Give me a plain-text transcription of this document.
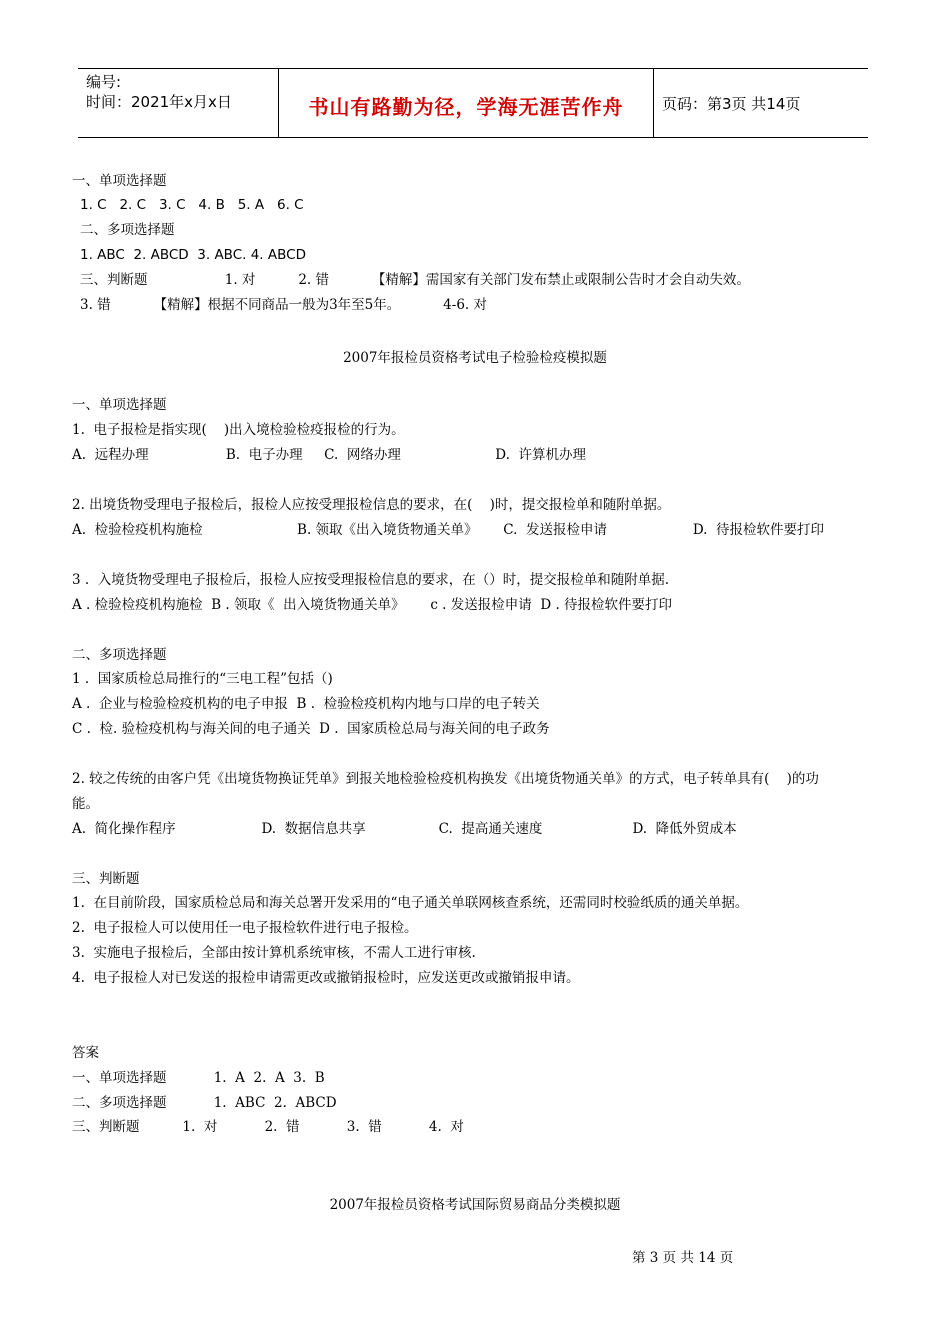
编号:
时间：2021年x月x日	书山有路勤为径，学海无涯苦作舟	页码：第3页 共14页
一、单项选择题
1. C   2. C   3. C   4. B   5. A   6. C
二、多项选择题
1. ABC  2. ABCD  3. ABC. 4. ABCD
三、判断题                  1. 对          2. 错          【精解】需国家有关部门发布禁止或限制公告时才会自动失效。
3. 错          【精解】根据不同商品一般为3年至5年。          4-6. 对
2007年报检员资格考试电子检验检疫模拟题
一、单项选择题
1.  电子报检是指实现(    )出入境检验检疫报检的行为。
A.  远程办理                  B.  电子办理     C.  网络办理                      D.  许算机办理
2. 出境货物受理电子报检后，报检人应按受理报检信息的要求，在(    )时，提交报检单和随附单据。
A.  检验检疫机构施检                      B. 领取《出入境货物通关单》      C.  发送报检申请                    D.  待报检软件要打印
3 .  入境货物受理电子报检后，报检人应按受理报检信息的要求，在（）时，提交报检单和随附单据.
A . 检验检疫机构施检  B . 领取《  出入境货物通关单》      c . 发送报检申请  D . 待报检软件要打印
二、多项选择题
1 .  国家质检总局推行的“三电工程”包括（)
A .  企业与检验检疫机构的电子申报  B .  检验检疫机构内地与口岸的电子转关
C .  检. 验检疫机构与海关间的电子通关  D .  国家质检总局与海关间的电子政务
2. 较之传统的由客户凭《出境货物换证凭单》到报关地检验检疫机构换发《出境货物通关单》的方式，电子转单具有(    )的功
能。
A.  简化操作程序                    D.  数据信息共享                 C.  提高通关速度                     D.  降低外贸成本
三、判断题
1.  在目前阶段，国家质检总局和海关总署开发采用的“电子通关单联网核查系统，还需同时校验纸质的通关单据。
2.  电子报检人可以使用任一电子报检软件进行电子报检。
3.  实施电子报检后，全部由按计算机系统审核，不需人工进行审核.
4.  电子报检人对已发送的报检申请需更改或撤销报检时，应发送更改或撤销报申请。
答案
一、单项选择题           1.  A  2.  A  3.  B
二、多项选择题           1.  ABC  2.  ABCD
三、判断题          1.  对           2.  错           3.  错           4.  对
2007年报检员资格考试国际贸易商品分类模拟题
第 3 页 共 14 页
